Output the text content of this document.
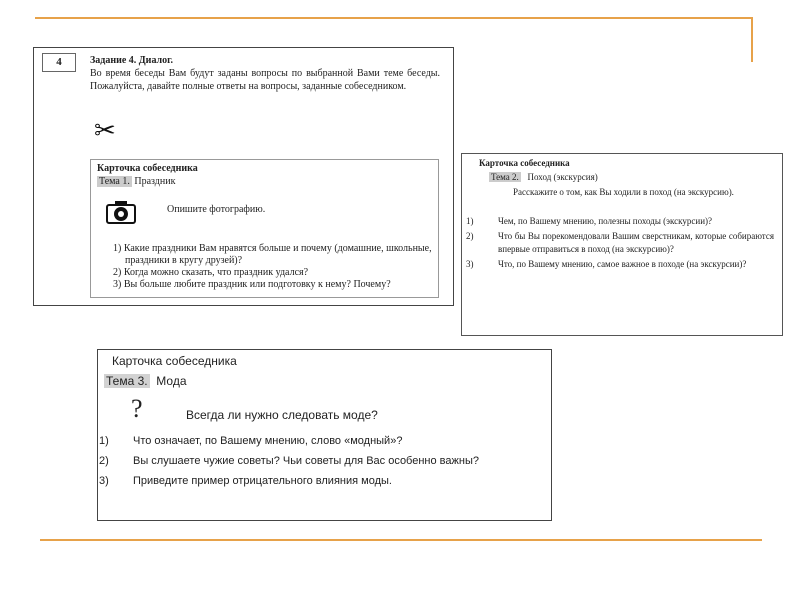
4	Задание 4. Диалог.
Во время беседы Вам будут заданы вопросы по выбранной Вами теме беседы. Пожалуйста, давайте полные ответы на вопросы, заданные собеседником.
✂
Карточка собеседника
Тема 1. Праздник
Опишите фотографию.
1) Какие праздники Вам нравятся больше и почему (домашние, школьные, праздники в кругу друзей)?
2) Когда можно сказать, что праздник удался?
3) Вы больше любите праздник или подготовку к нему? Почему?
Карточка собеседника
Тема 2. Поход (экскурсия)
Расскажите о том, как Вы ходили в поход (на экскурсию).
1)	Чем, по Вашему мнению, полезны походы (экскурсии)?
2)	Что бы Вы порекомендовали Вашим сверстникам, которые собираются впервые отправиться в поход (на экскурсию)?
3)	Что, по Вашему мнению, самое важное в походе (на экскурсии)?
Карточка собеседника
Тема 3. Мода
?	Всегда ли нужно следовать моде?
1)	Что означает, по Вашему мнению, слово «модный»?
2)	Вы слушаете чужие советы? Чьи советы для Вас особенно важны?
3)	Приведите пример отрицательного влияния моды.
